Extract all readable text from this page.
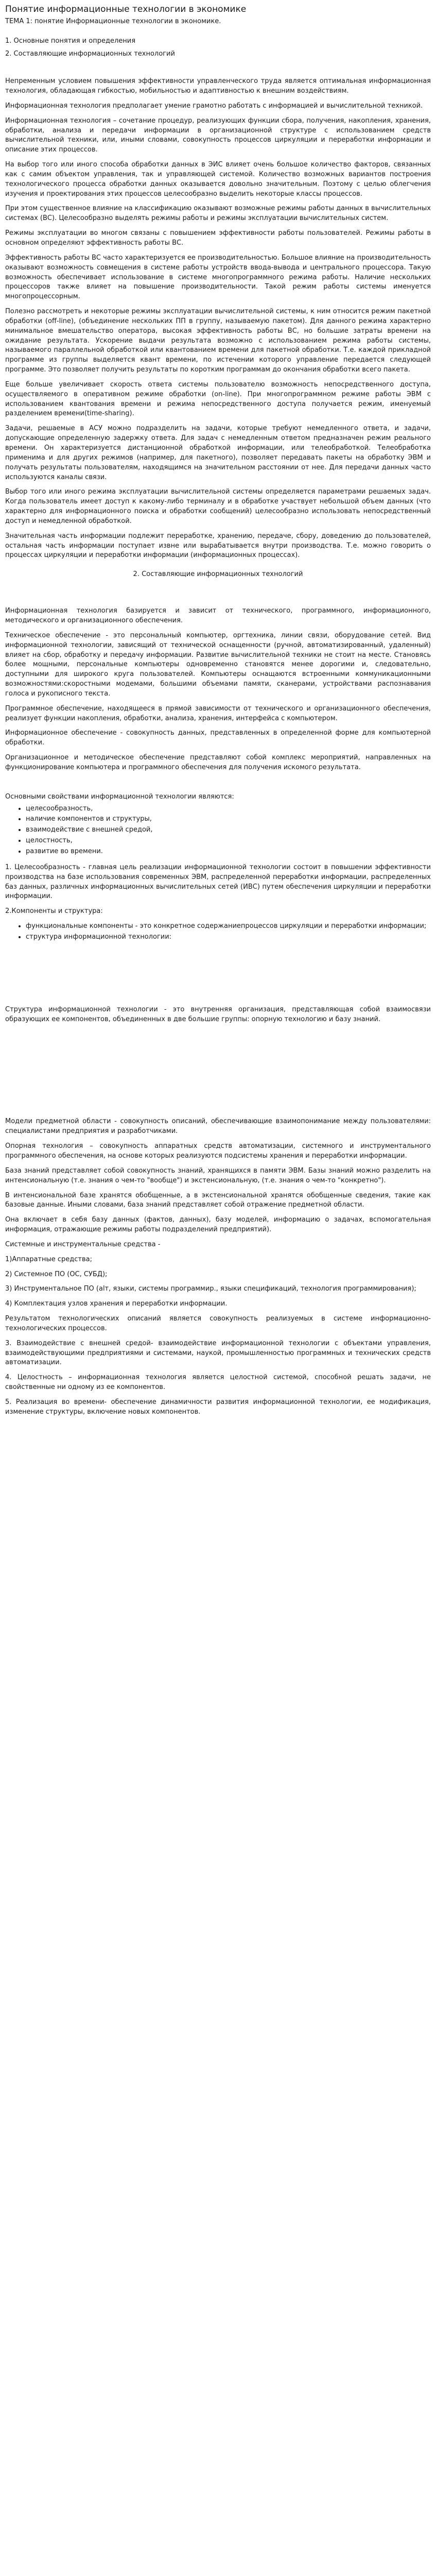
Понятие информационные технологии в экономике
ТЕМА 1: понятие Информационные технологии в экономике.
1. Основные понятия и определения
2. Составляющие информационных технологий

Непременным условием повышения эффективности управленческого труда является оптимальная информационная технология, обладающая гибкостью, мобильностью и адаптивностью к внешним воздействиям.

Информационная технология предполагает умение грамотно работать с информацией и вычислительной техникой.

Информационная технология – сочетание процедур, реализующих функции сбора, получения, накопления, хранения, обработки, анализа и передачи информации в организационной структуре с использованием средств вычислительной техники, или, иными словами, совокупность процессов циркуляции и переработки информации и описание этих процессов.

На выбор того или иного способа обработки данных в ЭИС влияет очень большое количество факторов, связанных как с самим объектом управления, так и управляющей системой. Количество возможных вариантов построения технологического процесса обработки данных оказывается довольно значительным. Поэтому с целью облегчения изучения и проектирования этих процессов целесообразно выделить некоторые классы процессов.

При этом существенное влияние на классификацию оказывают возможные режимы работы данных в вычислительных системах (ВС). Целесообразно выделять режимы работы и режимы эксплуатации вычислительных систем.

Режимы эксплуатации во многом связаны с повышением эффективности работы пользователей. Режимы работы в основном определяют эффективность работы ВС.

Эффективность работы ВС часто характеризуется ее производительностью. Большое влияние на производительность оказывают возможность совмещения в системе работы устройств ввода-вывода и центрального процессора. Такую возможность обеспечивает использование в системе многопрограммного режима работы. Наличие нескольких процессоров также влияет на повышение производительности. Такой режим работы системы именуется многопроцессорным.

Полезно рассмотреть и некоторые режимы эксплуатации вычислительной системы, к ним относится режим пакетной обработки (off-line), (объединение нескольких ПП в группу, называемую пакетом). Для данного режима характерно минимальное вмешательство оператора, высокая эффективность работы ВС, но большие затраты времени на ожидание результата. Ускорение выдачи результата возможно с использованием режима работы системы, называемого параллельной обработкой или квантованием времени для пакетной обработки. Т.е. каждой прикладной программе из группы выделяется квант времени, по истечении которого управление передается следующей программе. Это позволяет получить результаты по коротким программам до окончания обработки всего пакета.

Еще больше увеличивает скорость ответа системы пользователю возможность непосредственного доступа, осуществляемого в оперативном режиме обработки (on-line). При многопрограммном режиме работы ЭВМ с использованием квантования времени и режима непосредственного доступа получается режим, именуемый разделением времени(time-sharing).

Задачи, решаемые в АСУ можно подразделить на задачи, которые требуют немедленного ответа, и задачи, допускающие определенную задержку ответа. Для задач с немедленным ответом предназначен режим реального времени. Он характеризуется дистанционной обработкой информации, или телеобработкой. Телеобработка применима и для других режимов (например, для пакетного), позволяет передавать пакеты на обработку ЭВМ и получать результаты пользователям, находящимся на значительном расстоянии от нее. Для передачи данных часто используются каналы связи.

Выбор того или иного режима эксплуатации вычислительной системы определяется параметрами решаемых задач. Когда пользователь имеет доступ к какому-либо терминалу и в обработке участвует небольшой объем данных (что характерно для информационного поиска и обработки сообщений) целесообразно использовать непосредственный доступ и немедленной обработкой.

Значительная часть информации подлежит переработке, хранению, передаче, сбору, доведению до пользователей, остальная часть информации поступает извне или вырабатывается внутри производства. Т.е. можно говорить о процессах циркуляции и переработки информации (информационных процессах).

2. Составляющие информационных технологий

Информационная технология базируется и зависит от технического, программного, информационного, методического и организационного обеспечения.

Техническое обеспечение - это персональный компьютер, оргтехника, линии связи, оборудование сетей. Вид информационной технологии, зависящий от технической оснащенности (ручной, автоматизированный, удаленный) влияет на сбор, обработку и передачу информации. Развитие вычислительной техники не стоит на месте. Становясь более мощными, персональные компьютеры одновременно становятся менее дорогими и, следовательно, доступными для широкого круга пользователей. Компьютеры оснащаются встроенными коммуникационными возможностями:скоростными модемами, большими объемами памяти, сканерами, устройствами распознавания голоса и рукописного текста.

Программное обеспечение, находящееся в прямой зависимости от технического и организационного обеспечения, реализует функции накопления, обработки, анализа, хранения, интерфейса с компьютером.

Информационное обеспечение - совокупность данных, представленных в определенной форме для компьютерной обработки.

Организационное и методическое обеспечение представляют собой комплекс мероприятий, направленных на функционирование компьютера и программного обеспечения для получения искомого результата.

Основными свойствами информационной технологии являются:
• целесообразность,
• наличие компонентов и структуры,
• взаимодействие с внешней средой,
• целостность,
• развитие во времени.

1. Целесообразность - главная цель реализации информационной технологии состоит в повышении эффективности производства на базе использования современных ЭВМ, распределенной переработки информации, распределенных баз данных, различных информационных вычислительных сетей (ИВС) путем обеспечения циркуляции и переработки информации.

2.Компоненты и структура:

• функциональные компоненты - это конкретное содержаниепроцессов циркуляции и переработки информации;
• структура информационной технологии:

Структура информационной технологии - это внутренняя организация, представляющая собой взаимосвязи образующих ее компонентов, объединенных в две большие группы: опорную технологию и базу знаний.

Модели предметной области - совокупность описаний, обеспечивающие взаимопонимание между пользователями: специалистами предприятия и разработчиками.

Опорная технология – совокупность аппаратных средств автоматизации, системного и инструментального программного обеспечения, на основе которых реализуются подсистемы хранения и переработки информации.

База знаний представляет собой совокупность знаний, хранящихся в памяти ЭВМ. Базы знаний можно разделить на интенсиональную (т.е. знания о чем-то "вообще") и экстенсиональную, (т.е. знания о чем-то "конкретно").

В интенсиональной базе хранятся обобщенные, а в экстенсиональной хранятся обобщенные сведения, такие как базовые данные. Иными словами, база знаний представляет собой отражение предметной области.

Она включает в себя базу данных (фактов, данных), базу моделей, информацию о задачах, вспомогательная информация, отражающие режимы работы подразделений предприятий).

Системные и инструментальные средства -

1)Аппаратные средства;

2) Системное ПО (ОС, СУБД);

3) Инструментальное ПО (alт, языки, системы программир., языки спецификаций, технология программирования);

4) Комплектация узлов хранения и переработки информации.

Результатом технологических описаний является совокупность реализуемых в системе информационно-технологических процессов.

3. Взаимодействие с внешней средой- взаимодействие информационной технологии с объектами управления, взаимодействующими предприятиями и системами, наукой, промышленностью программных и технических средств автоматизации.

4. Целостность – информационная технология является целостной системой, способной решать задачи, не свойственные ни одному из ее компонентов.

5. Реализация во времени- обеспечение динамичности развития информационной технологии, ее модификация, изменение структуры, включение новых компонентов.
